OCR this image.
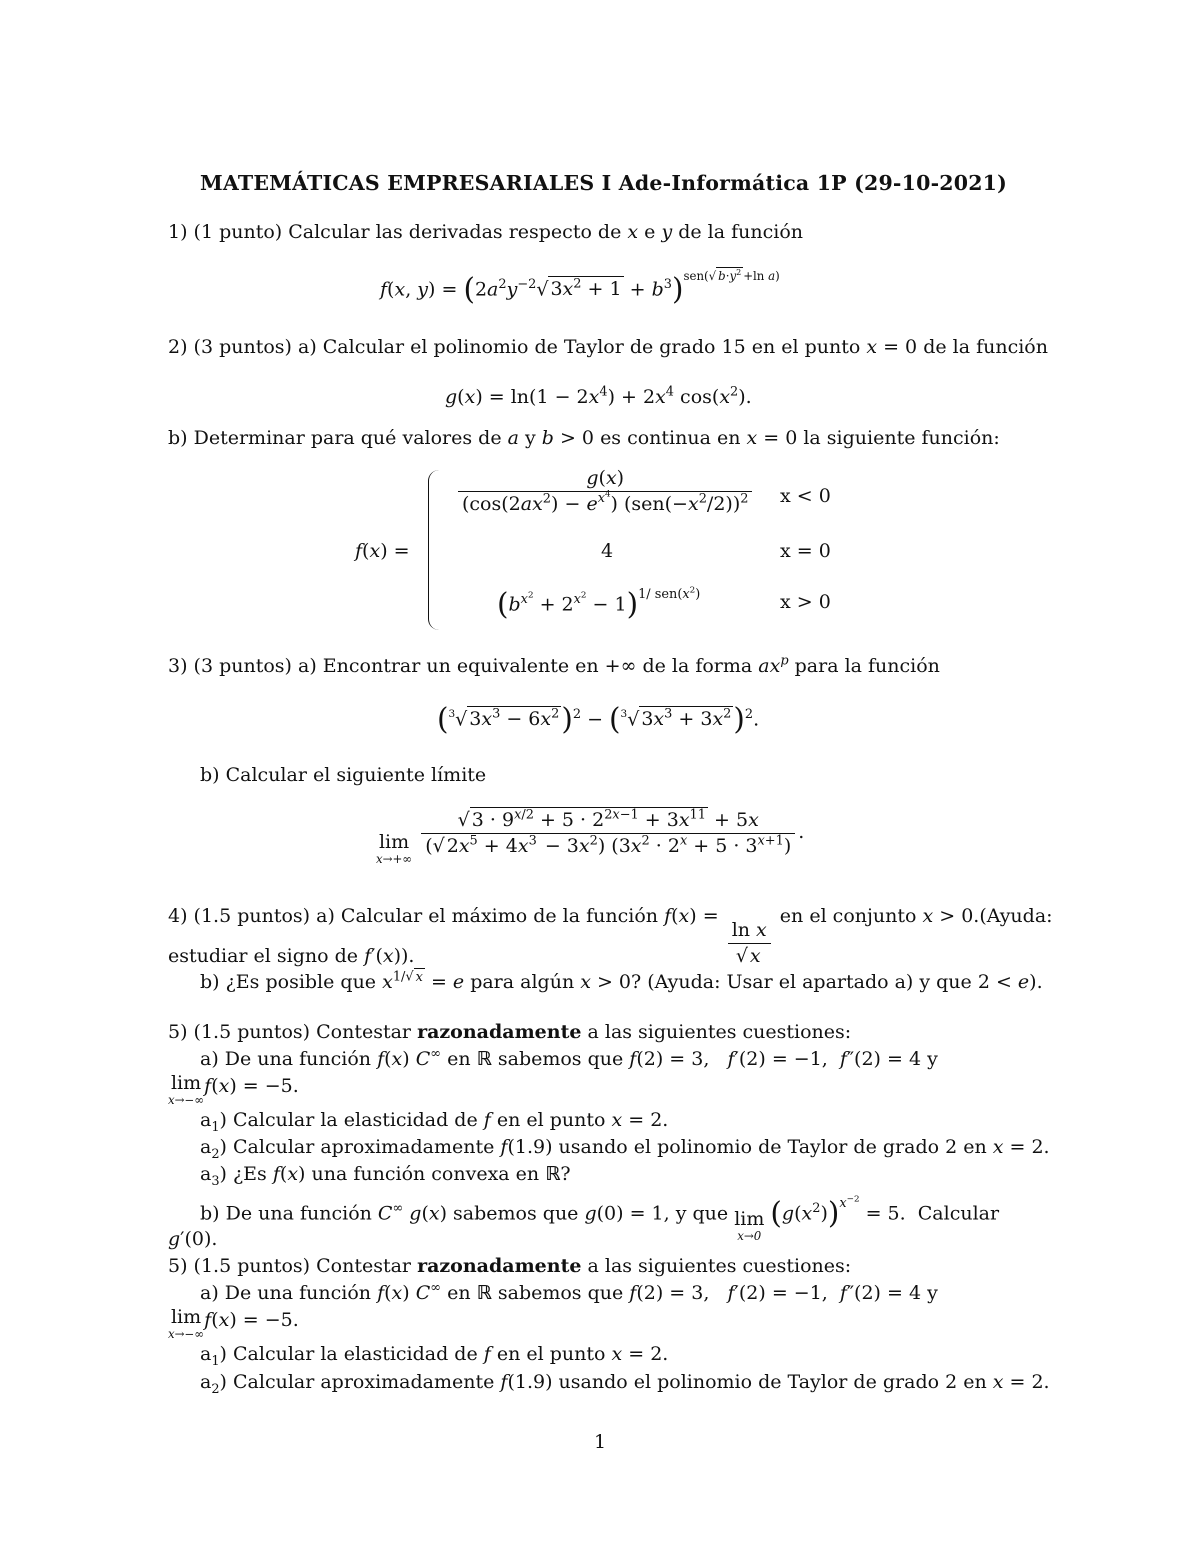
MATEMÁTICAS EMPRESARIALES I Ade-Informática 1P (29-10-2021)
1) (1 punto) Calcular las derivadas respecto de x e y de la función
f(x, $y) = (2a^2y^{-2}√$ $3x^2 + 1 + b^3)^{sen(√ b\cdot y^2 +ln a)}$
2) (3 puntos) a) Calcular el polinomio de Taylor de grado 15 en el punto x = 0 de la función
$g(x) = \ln(1 - 2x^4) + 2x^4$ $\cos(x^2)$.
b) Determinar para qué valores de a y b > 0 es continua en x = 0 la siguiente función:
f(x) =
$\frac{g(x)}{(\cos(2ax^2) - e^{x^4}) (sen(-x^2/2))^2}$ x < 0
4	x = 0
$(b^{x^2} + 2^{x^2} - 1)^{1/ sen(x^2)}$	x > 0
3) (3 puntos) a) Encontrar un equivalente en +∞ de la forma $ax^p$ para la función
($^3$√ $3x^3 - 6x^2)^2 - (^3√$ $3x^3 + 3x^2)^2$.
b) Calcular el siguiente límite
lim
x→+∞

$\frac{√ 3 \cdot 9^{x/2} + 5 \cdot 2^{2x-1} + 3x^{11} + 5x}{(√ 2x^5 + 4x^3 - 3x^2) (3x^2 \cdot 2^x + 5 \cdot 3^{x+1})}$ .
4) (1.5 puntos) a) Calcular el máximo de la función f(x) =
$\frac{\text{ln x}}{√ x}$
en el conjunto x > 0.(Ayuda:
estudiar el signo de f′(x)).
b) ¿Es posible que $x^{1/√ x} = e$ para algún x > 0? (Ayuda: Usar el apartado a) y que 2 < e).
5) (1.5 puntos) Contestar razonadamente a las siguientes cuestiones:
a) De una función f(x) C∞ en ℝ sabemos que f(2) = 3,   f′(2) = −1,  f″(2) = 4 y
lim
x→−∞
f(x) = −5.
$a_1$) Calcular la elasticidad de f en el punto x = 2.
$a_2$) Calcular aproximadamente f(1.9) usando el polinomio de Taylor de grado 2 en x = 2.
$a_3$) ¿Es f(x) una función convexa en ℝ?
b) De una función C∞ g(x) sabemos que g(0) = 1, y que lim
x→0
$(g(x^2))^{x^{-2}} = 5$.  Calcular
g′(0).
5) (1.5 puntos) Contestar razonadamente a las siguientes cuestiones:
a) De una función f(x) C∞ en ℝ sabemos que f(2) = 3,   f′(2) = −1,  f″(2) = 4 y
lim
x→−∞
f(x) = −5.
$a_1$) Calcular la elasticidad de f en el punto x = 2.
$a_2$) Calcular aproximadamente f(1.9) usando el polinomio de Taylor de grado 2 en x = 2.
1
